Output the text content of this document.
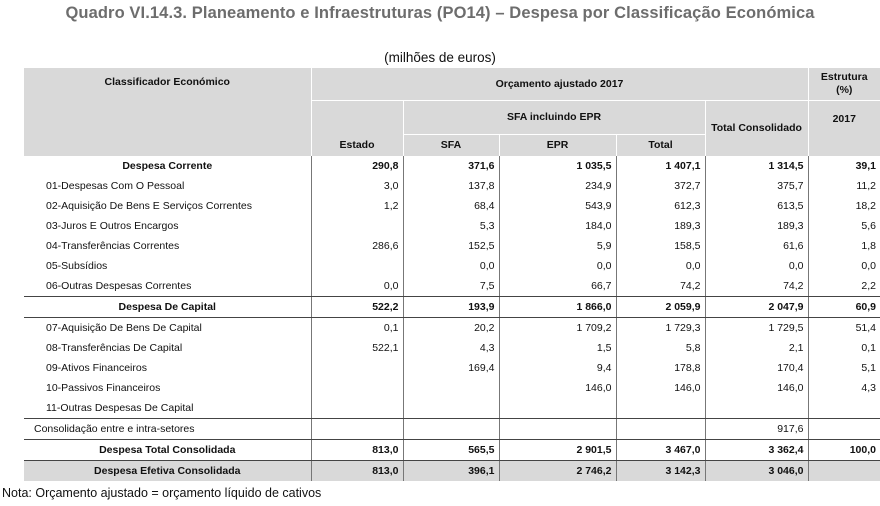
Quadro VI.14.3. Planeamento e Infraestruturas (PO14) – Despesa por Classificação Económica
(milhões de euros)
Classificador Económico	Orçamento ajustado 2017					Estrutura (%)
		SFA incluindo EPR			Total Consolidado	2017
	Estado	SFA	EPR	Total		
Despesa Corrente	290,8	371,6	1 035,5	1 407,1	1 314,5	39,1
01-Despesas Com O Pessoal	3,0	137,8	234,9	372,7	375,7	11,2
02-Aquisição De Bens E Serviços Correntes	1,2	68,4	543,9	612,3	613,5	18,2
03-Juros E Outros Encargos		5,3	184,0	189,3	189,3	5,6
04-Transferências Correntes	286,6	152,5	5,9	158,5	61,6	1,8
05-Subsídios		0,0	0,0	0,0	0,0	0,0
06-Outras Despesas Correntes	0,0	7,5	66,7	74,2	74,2	2,2
Despesa De Capital	522,2	193,9	1 866,0	2 059,9	2 047,9	60,9
07-Aquisição De Bens De Capital	0,1	20,2	1 709,2	1 729,3	1 729,5	51,4
08-Transferências De Capital	522,1	4,3	1,5	5,8	2,1	0,1
09-Ativos Financeiros		169,4	9,4	178,8	170,4	5,1
10-Passivos Financeiros			146,0	146,0	146,0	4,3
11-Outras Despesas De Capital						
Consolidação entre e intra-setores					917,6	
Despesa Total Consolidada	813,0	565,5	2 901,5	3 467,0	3 362,4	100,0
Despesa Efetiva Consolidada	813,0	396,1	2 746,2	3 142,3	3 046,0	
Nota: Orçamento ajustado = orçamento líquido de cativos
